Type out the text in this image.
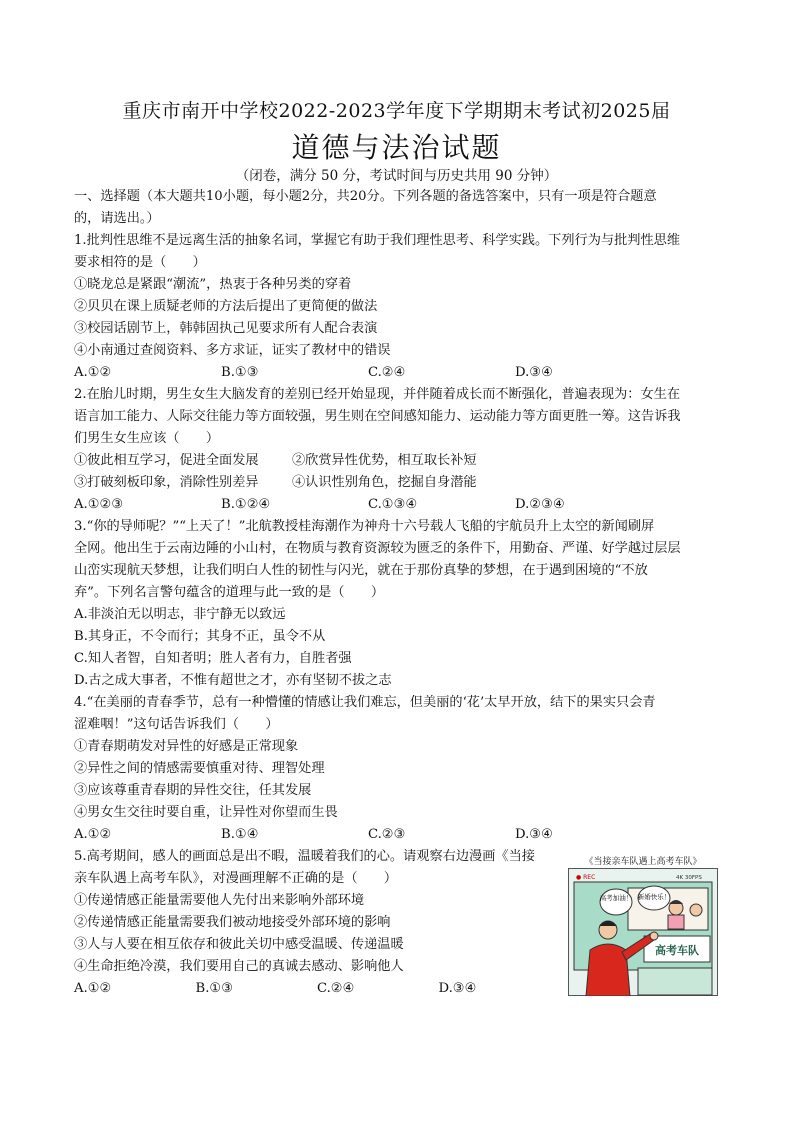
重庆市南开中学校2022-2023学年度下学期期末考试初2025届
道德与法治试题
（闭卷，满分 50 分，考试时间与历史共用 90 分钟）
一、选择题（本大题共10小题，每小题2分，共20分。下列各题的备选答案中，只有一项是符合题意
的，请选出。）
1.批判性思维不是远离生活的抽象名词，掌握它有助于我们理性思考、科学实践。下列行为与批判性思维
要求相符的是（　　）
①晓龙总是紧跟“潮流”，热衷于各种另类的穿着
②贝贝在课上质疑老师的方法后提出了更简便的做法
③校园话剧节上，韩韩固执己见要求所有人配合表演
④小南通过查阅资料、多方求证，证实了教材中的错误
A.①②	B.①③	C.②④	D.③④
2.在胎儿时期，男生女生大脑发育的差别已经开始显现，并伴随着成长而不断强化，普遍表现为：女生在
语言加工能力、人际交往能力等方面较强，男生则在空间感知能力、运动能力等方面更胜一筹。这告诉我
们男生女生应该（　　）
①彼此相互学习，促进全面发展	②欣赏异性优势，相互取长补短
③打破刻板印象，消除性别差异	④认识性别角色，挖掘自身潜能
A.①②③	B.①②④	C.①③④	D.②③④
3.“你的导师呢？”“上天了！”北航教授桂海潮作为神舟十六号载人飞船的宇航员升上太空的新闻刷屏
全网。他出生于云南边陲的小山村，在物质与教育资源较为匮乏的条件下，用勤奋、严谨、好学越过层层
山峦实现航天梦想，让我们明白人性的韧性与闪光，就在于那份真挚的梦想，在于遇到困境的“不放
弃”。下列名言警句蕴含的道理与此一致的是（　　）
A.非淡泊无以明志，非宁静无以致远
B.其身正，不令而行；其身不正，虽令不从
C.知人者智，自知者明；胜人者有力，自胜者强
D.古之成大事者，不惟有超世之才，亦有坚韧不拔之志
4.“在美丽的青春季节，总有一种懵懂的情感让我们难忘，但美丽的‘花’太早开放，结下的果实只会青
涩难咽！”这句话告诉我们（　　）
①青春期萌发对异性的好感是正常现象
②异性之间的情感需要慎重对待、理智处理
③应该尊重青春期的异性交往，任其发展
④男女生交往时要自重，让异性对你望而生畏
A.①②	B.①④	C.②③	D.③④
5.高考期间，感人的画面总是出不暇，温暖着我们的心。请观察右边漫画《当接
亲车队遇上高考车队》，对漫画理解不正确的是（　　）
①传递情感正能量需要他人先付出来影响外部环境
②传递情感正能量需要我们被动地接受外部环境的影响
③人与人要在相互依存和彼此关切中感受温暖、传递温暖
④生命拒绝冷漠，我们要用自己的真诚去感动、影响他人
A.①②	B.①③	C.②④	D.③④
《当接亲车队遇上高考车队》
● REC	4K 30FPS
高考加油！ 新婚快乐！
高考车队
